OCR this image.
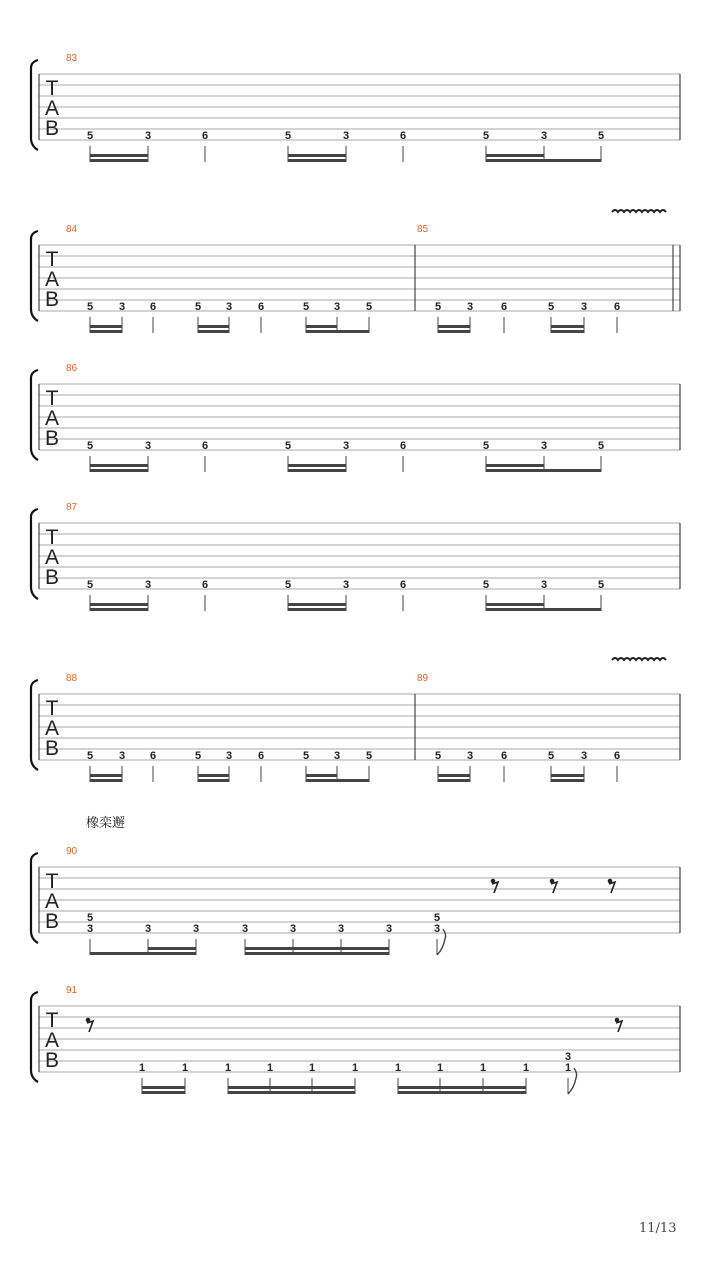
T
A
B
83
5	3	6	5	3	6	5	3	5
T
A
B
84
5 3 6	5 3 6	5 3 5
85
5 3	6	5 3 6
T
A
B
86
5	3	6	5	3	6	5	3	5
T
A
B
87
5	3	6	5	3	6	5	3	5
T
A
B
88
5 3 6	5 3 6	5 3 5
89
5 3	6	5 3 6
T
A
B
90
3
5
3	3	3	3	3	3	3
5
T
A
B
91
1	1	1	1	1	1	1	1	1	1	1
3
橡栾邂
11/13
